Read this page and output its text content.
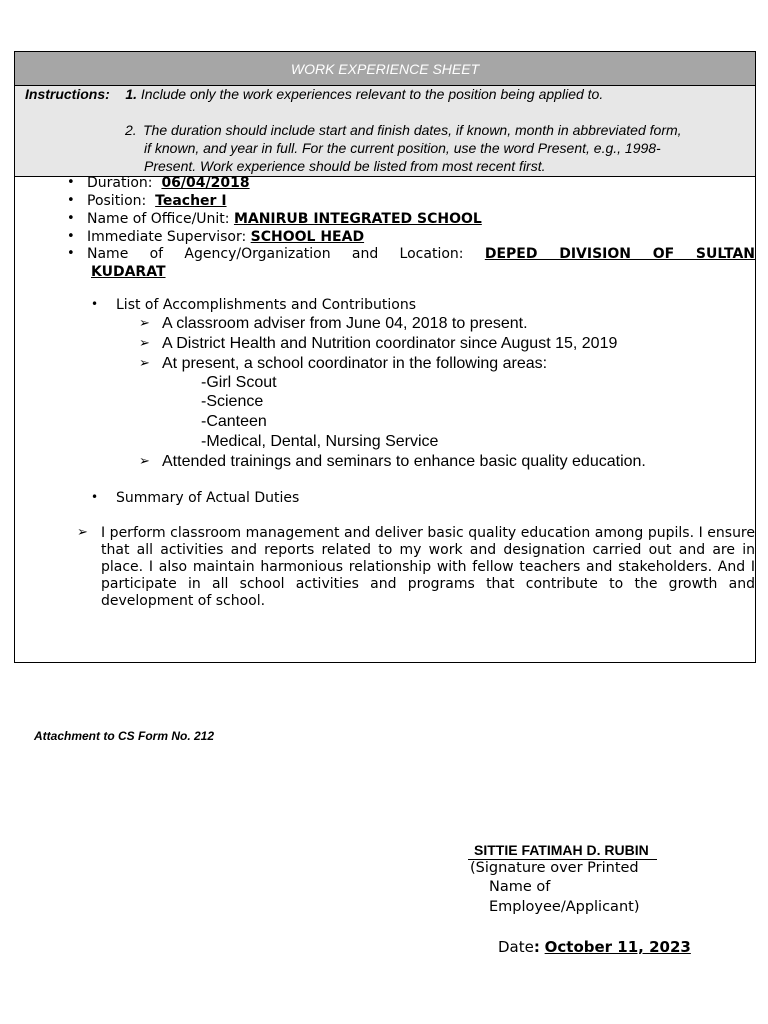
WORK EXPERIENCE SHEET
Instructions: 1. Include only the work experiences relevant to the position being applied to.
2. The duration should include start and finish dates, if known, month in abbreviated form,
if known, and year in full. For the current position, use the word Present, e.g., 1998-
Present. Work experience should be listed from most recent first.
• Duration: 06/04/2018
• Position: Teacher I
• Name of Office/Unit: MANIRUB INTEGRATED SCHOOL
• Immediate Supervisor: SCHOOL HEAD
• Name of Agency/Organization and Location: DEPED DIVISION OF SULTAN
KUDARAT
• List of Accomplishments and Contributions
➢ A classroom adviser from June 04, 2018 to present.
➢ A District Health and Nutrition coordinator since August 15, 2019
➢ At present, a school coordinator in the following areas:
-Girl Scout
-Science
-Canteen
-Medical, Dental, Nursing Service
➢ Attended trainings and seminars to enhance basic quality education.
• Summary of Actual Duties
➢ I perform classroom management and deliver basic quality education among pupils. I ensure that all activities and reports related to my work and designation carried out and are in place. I also maintain harmonious relationship with fellow teachers and stakeholders. And I participate in all school activities and programs that contribute to the growth and development of school.
Attachment to CS Form No. 212
SITTIE FATIMAH D. RUBIN
(Signature over Printed
Name of
Employee/Applicant)
Date: October 11, 2023
